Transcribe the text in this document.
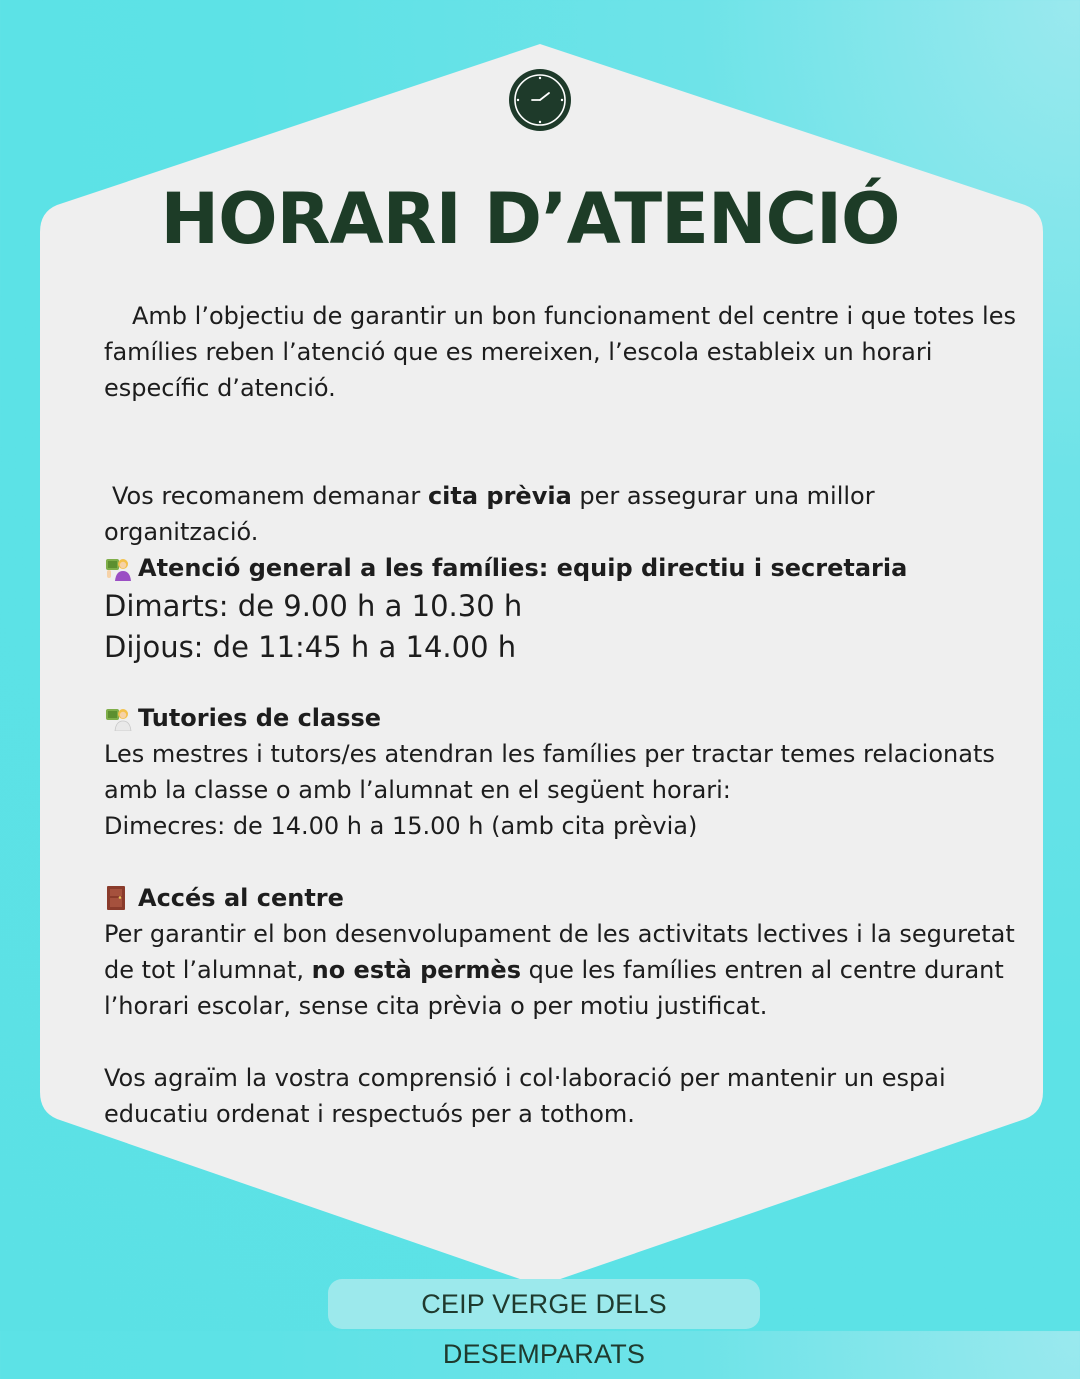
HORARI D’ATENCIÓ

Amb l’objectiu de garantir un bon funcionament del centre i que totes les famílies reben l’atenció que es mereixen, l’escola estableix un horari específic d’atenció.

Vos recomanem demanar cita prèvia per assegurar una millor organització.

Atenció general a les famílies: equip directiu i secretaria

Dimarts: de 9.00 h a 10.30 h

Dijous: de 11:45 h a 14.00 h

Tutories de classe

Les mestres i tutors/es atendran les famílies per tractar temes relacionats amb la classe o amb l’alumnat en el següent horari:

Dimecres: de 14.00 h a 15.00 h (amb cita prèvia)

Accés al centre

Per garantir el bon desenvolupament de les activitats lectives i la seguretat de tot l’alumnat, no està permès que les famílies entren al centre durant l’horari escolar, sense cita prèvia o per motiu justificat.

Vos agraïm la vostra comprensió i col·laboració per mantenir un espai educatiu ordenat i respectuós per a tothom.

CEIP VERGE DELS DESEMPARATS
